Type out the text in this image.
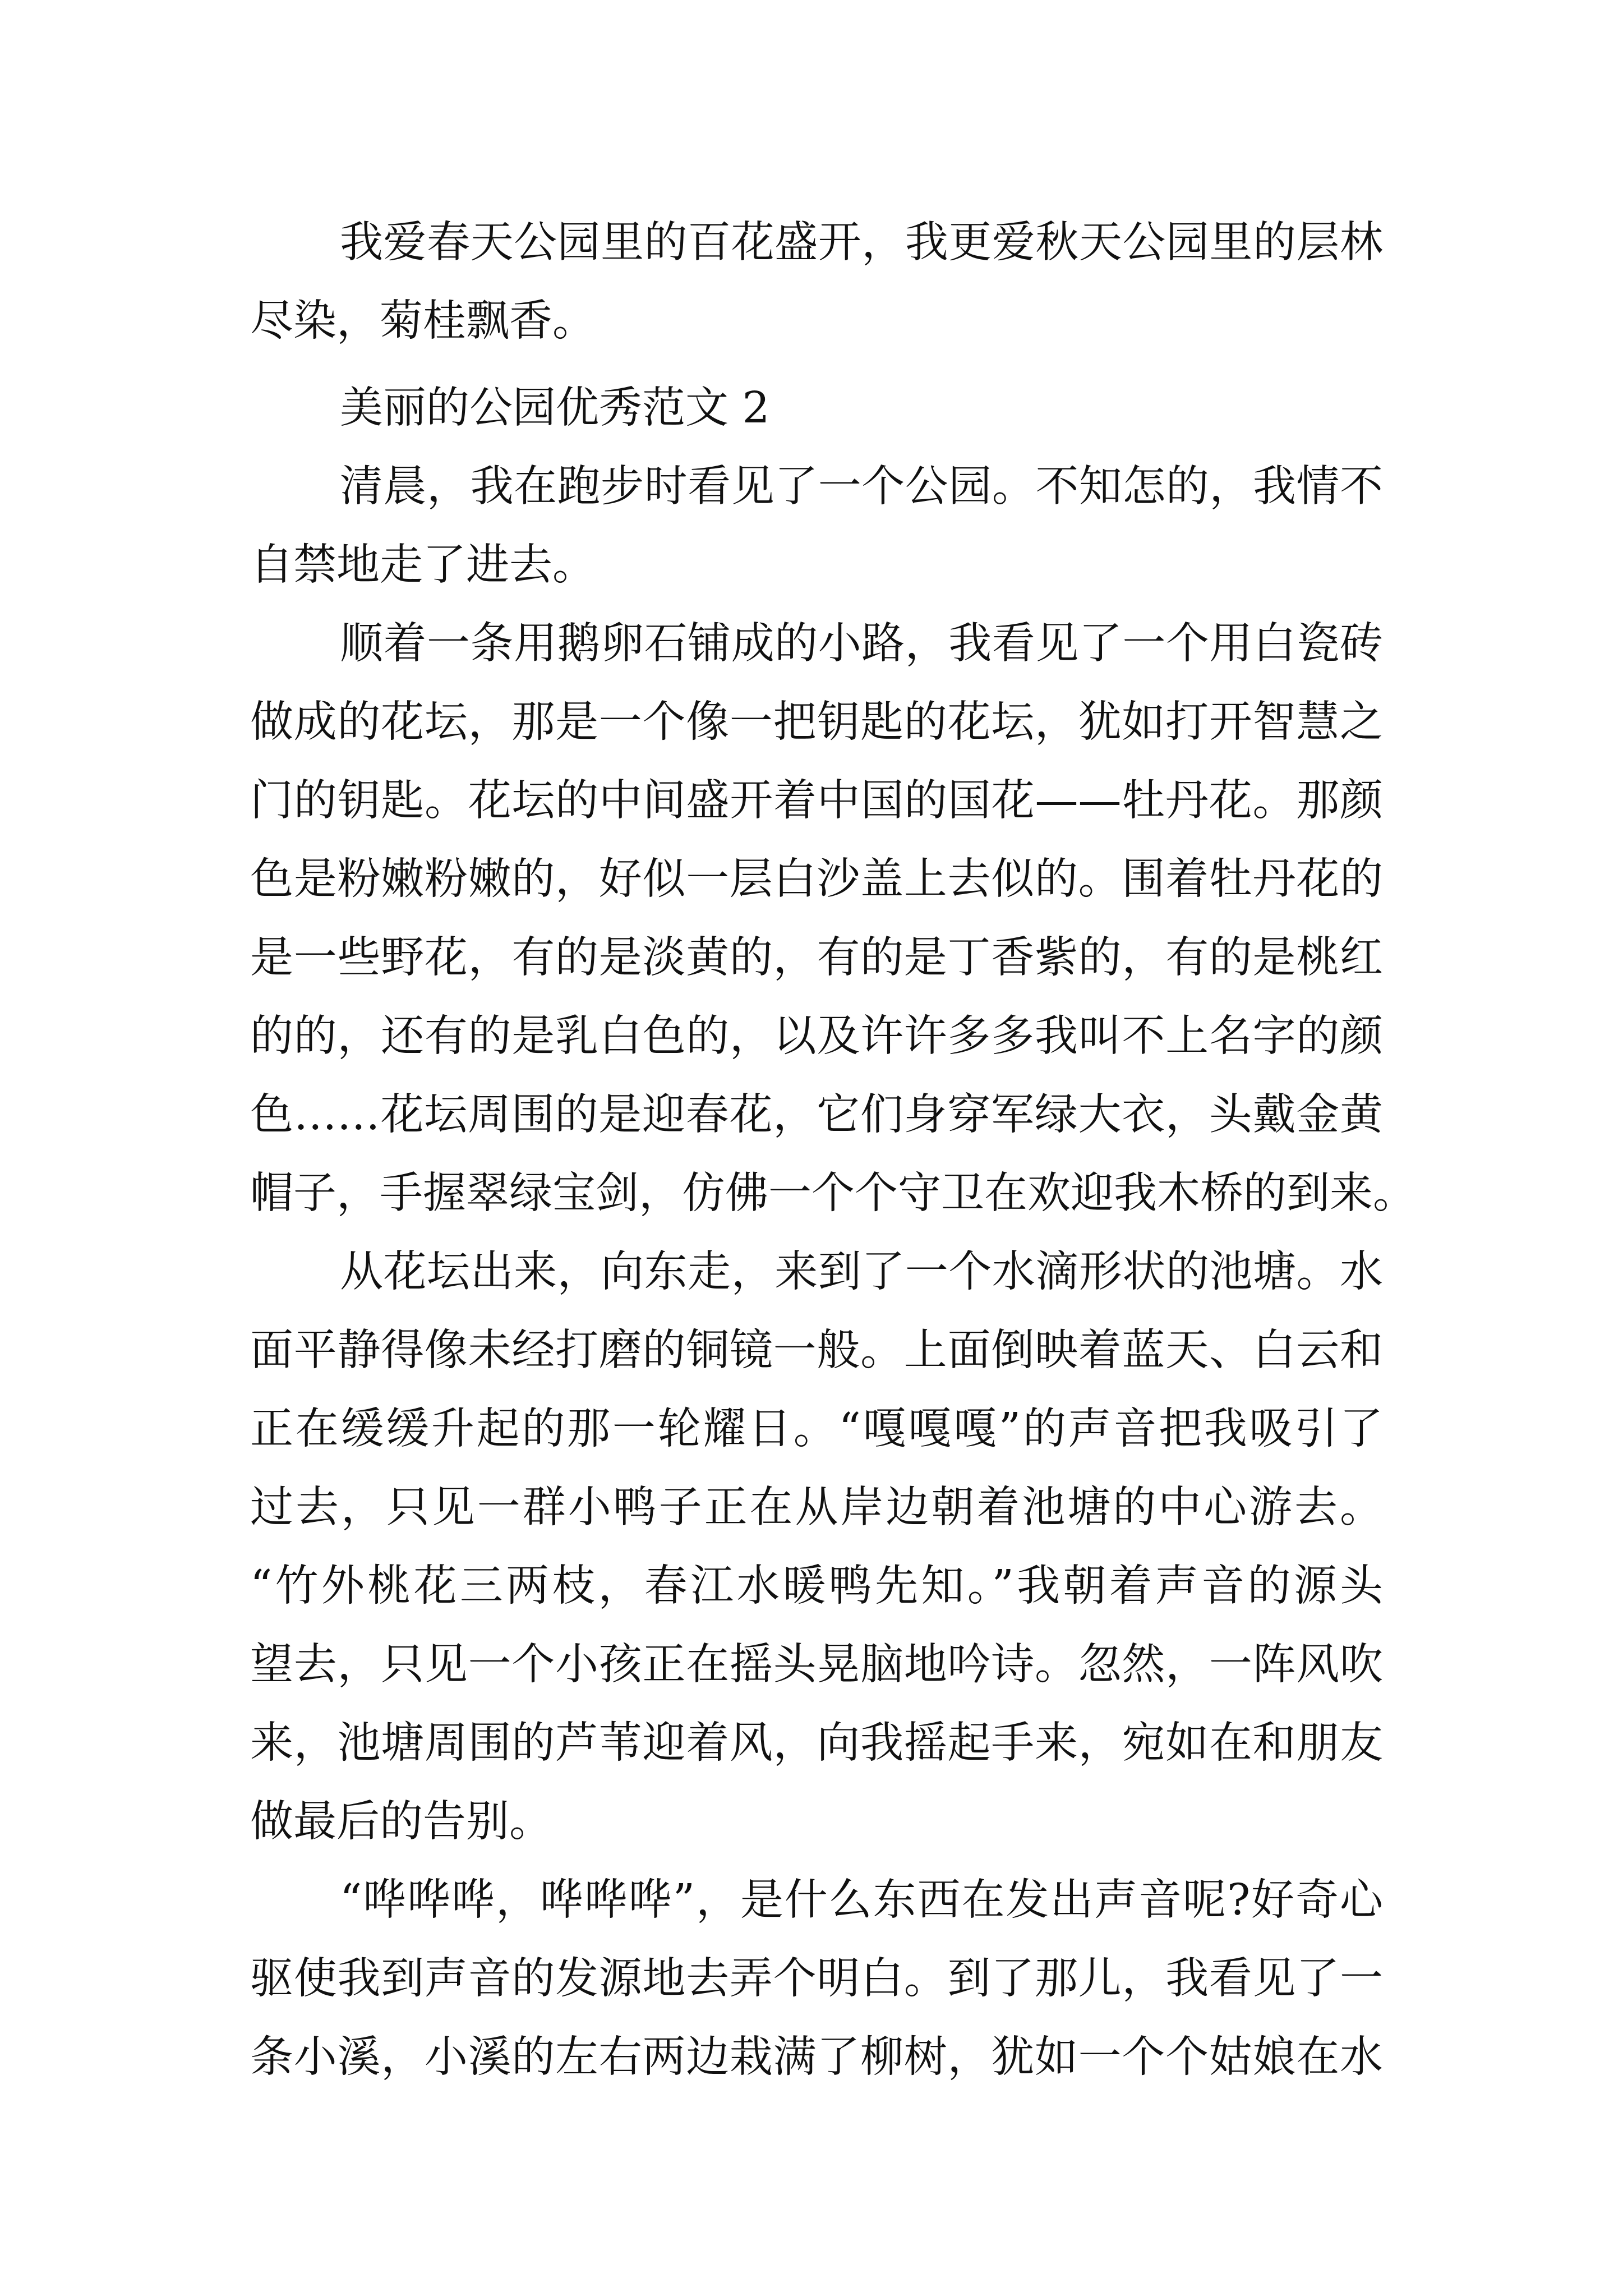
我爱春天公园里的百花盛开，我更爱秋天公园里的层林

尽染，菊桂飘香。

美丽的公园优秀范文 2

清晨，我在跑步时看见了一个公园。不知怎的，我情不

自禁地走了进去。

顺着一条用鹅卵石铺成的小路，我看见了一个用白瓷砖

做成的花坛，那是一个像一把钥匙的花坛，犹如打开智慧之

门的钥匙。花坛的中间盛开着中国的国花——牡丹花。那颜

色是粉嫩粉嫩的，好似一层白沙盖上去似的。围着牡丹花的

是一些野花，有的是淡黄的，有的是丁香紫的，有的是桃红

的的，还有的是乳白色的，以及许许多多我叫不上名字的颜

色……花坛周围的是迎春花，它们身穿军绿大衣，头戴金黄

帽子，手握翠绿宝剑，仿佛一个个守卫在欢迎我木桥的到来。

从花坛出来，向东走，来到了一个水滴形状的池塘。水

面平静得像未经打磨的铜镜一般。上面倒映着蓝天、白云和

正在缓缓升起的那一轮耀日。“嘎嘎嘎”的声音把我吸引了

过去，只见一群小鸭子正在从岸边朝着池塘的中心游去。

“竹外桃花三两枝，春江水暖鸭先知。”我朝着声音的源头

望去，只见一个小孩正在摇头晃脑地吟诗。忽然，一阵风吹

来，池塘周围的芦苇迎着风，向我摇起手来，宛如在和朋友

做最后的告别。

“哗哗哗，哗哗哗”，是什么东西在发出声音呢?好奇心

驱使我到声音的发源地去弄个明白。到了那儿，我看见了一

条小溪，小溪的左右两边栽满了柳树，犹如一个个姑娘在水
